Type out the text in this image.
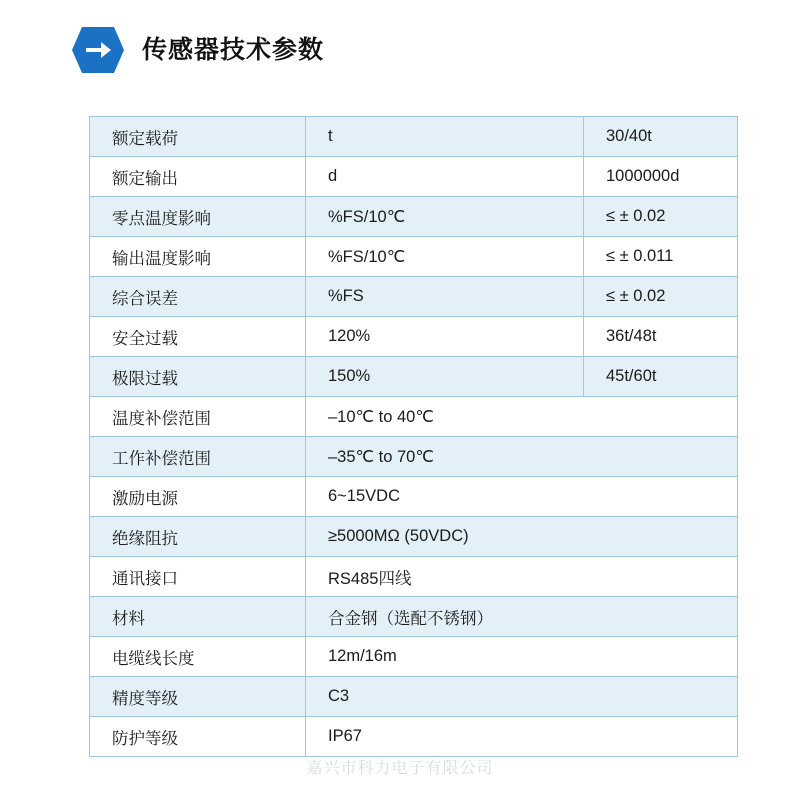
传感器技术参数
额定载荷	t	30/40t
额定输出	d	1000000d
零点温度影响	%FS/10℃	≤ ± 0.02
输出温度影响	%FS/10℃	≤ ± 0.011
综合误差	%FS	≤ ± 0.02
安全过载	120%	36t/48t
极限过载	150%	45t/60t
温度补偿范围	–10℃ to 40℃	
工作补偿范围	–35℃ to 70℃	
激励电源	6~15VDC	
绝缘阻抗	≥5000MΩ (50VDC)	
通讯接口	RS485四线	
材料	合金钢（选配不锈钢）	
电缆线长度	12m/16m	
精度等级	C3	
防护等级	IP67	
嘉兴市科力电子有限公司
